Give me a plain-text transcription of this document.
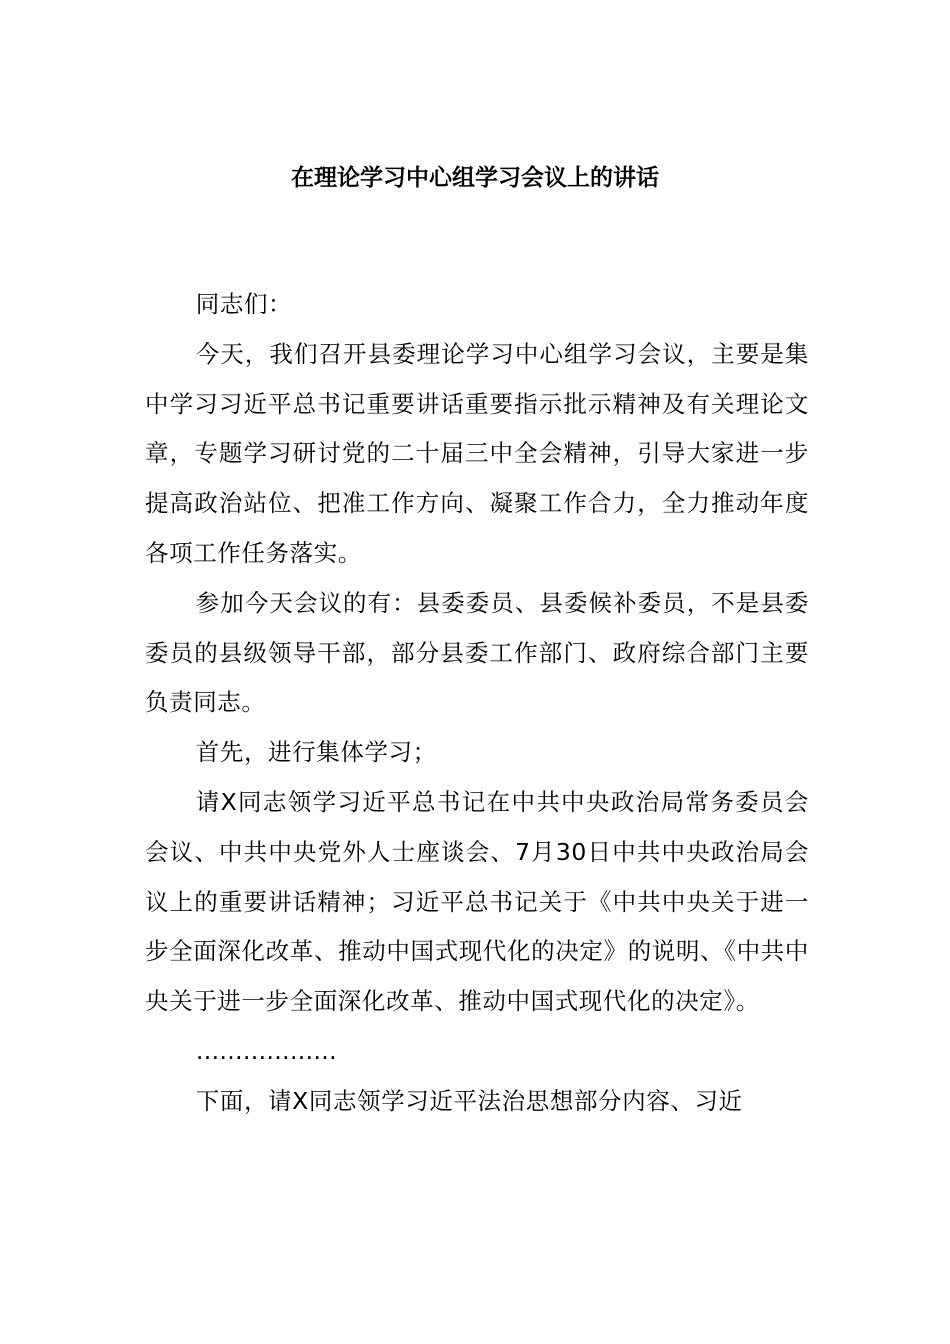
在理论学习中心组学习会议上的讲话

同志们：

今天，我们召开县委理论学习中心组学习会议，主要是集中学习习近平总书记重要讲话重要指示批示精神及有关理论文章，专题学习研讨党的二十届三中全会精神，引导大家进一步提高政治站位、把准工作方向、凝聚工作合力，全力推动年度各项工作任务落实。

参加今天会议的有：县委委员、县委候补委员，不是县委委员的县级领导干部，部分县委工作部门、政府综合部门主要负责同志。

首先，进行集体学习；

请X同志领学习近平总书记在中共中央政治局常务委员会会议、中共中央党外人士座谈会、7月30日中共中央政治局会议上的重要讲话精神；习近平总书记关于《中共中央关于进一步全面深化改革、推动中国式现代化的决定》的说明、《中共中央关于进一步全面深化改革、推动中国式现代化的决定》。

………………

下面，请X同志领学习近平法治思想部分内容、习近
